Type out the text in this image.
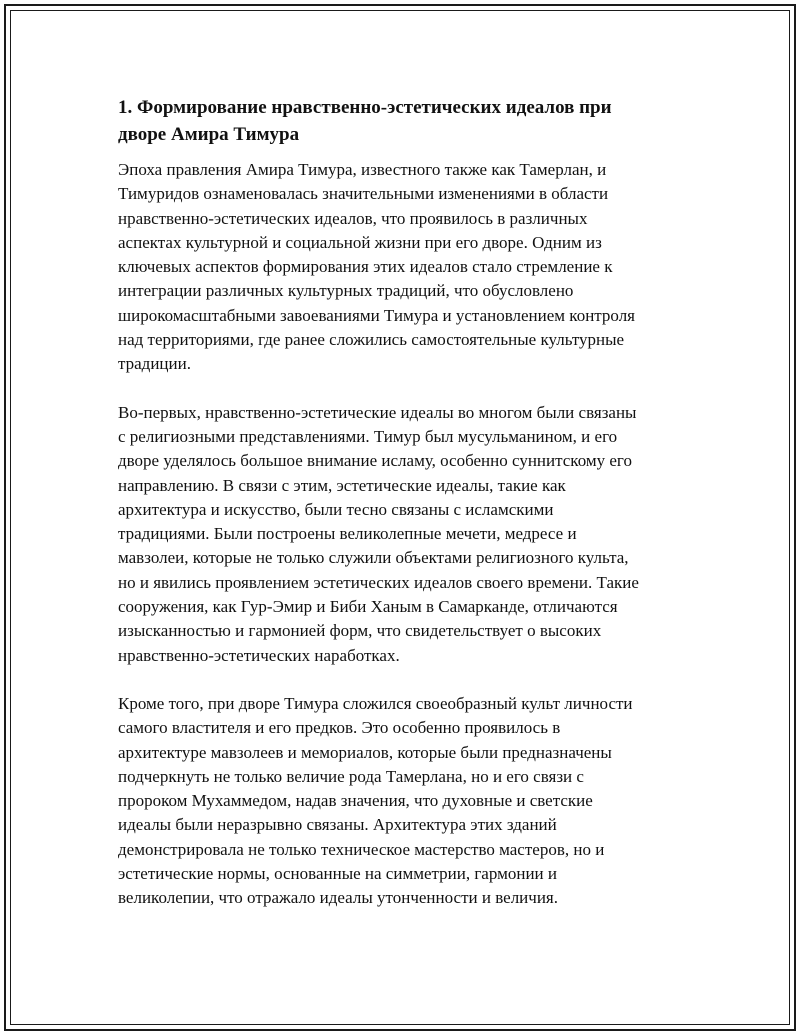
1. Формирование нравственно-эстетических идеалов при
дворе Амира Тимура

Эпоха правления Амира Тимура, известного также как Тамерлан, и
Тимуридов ознаменовалась значительными изменениями в области
нравственно-эстетических идеалов, что проявилось в различных
аспектах культурной и социальной жизни при его дворе. Одним из
ключевых аспектов формирования этих идеалов стало стремление к
интеграции различных культурных традиций, что обусловлено
широкомасштабными завоеваниями Тимура и установлением контроля
над территориями, где ранее сложились самостоятельные культурные
традиции.

Во-первых, нравственно-эстетические идеалы во многом были связаны
с религиозными представлениями. Тимур был мусульманином, и его
дворе уделялось большое внимание исламу, особенно суннитскому его
направлению. В связи с этим, эстетические идеалы, такие как
архитектура и искусство, были тесно связаны с исламскими
традициями. Были построены великолепные мечети, медресе и
мавзолеи, которые не только служили объектами религиозного культа,
но и явились проявлением эстетических идеалов своего времени. Такие
сооружения, как Гур-Эмир и Биби Ханым в Самарканде, отличаются
изысканностью и гармонией форм, что свидетельствует о высоких
нравственно-эстетических наработках.

Кроме того, при дворе Тимура сложился своеобразный культ личности
самого властителя и его предков. Это особенно проявилось в
архитектуре мавзолеев и мемориалов, которые были предназначены
подчеркнуть не только величие рода Тамерлана, но и его связи с
пророком Мухаммедом, надав значения, что духовные и светские
идеалы были неразрывно связаны. Архитектура этих зданий
демонстрировала не только техническое мастерство мастеров, но и
эстетические нормы, основанные на симметрии, гармонии и
великолепии, что отражало идеалы утонченности и величия.
